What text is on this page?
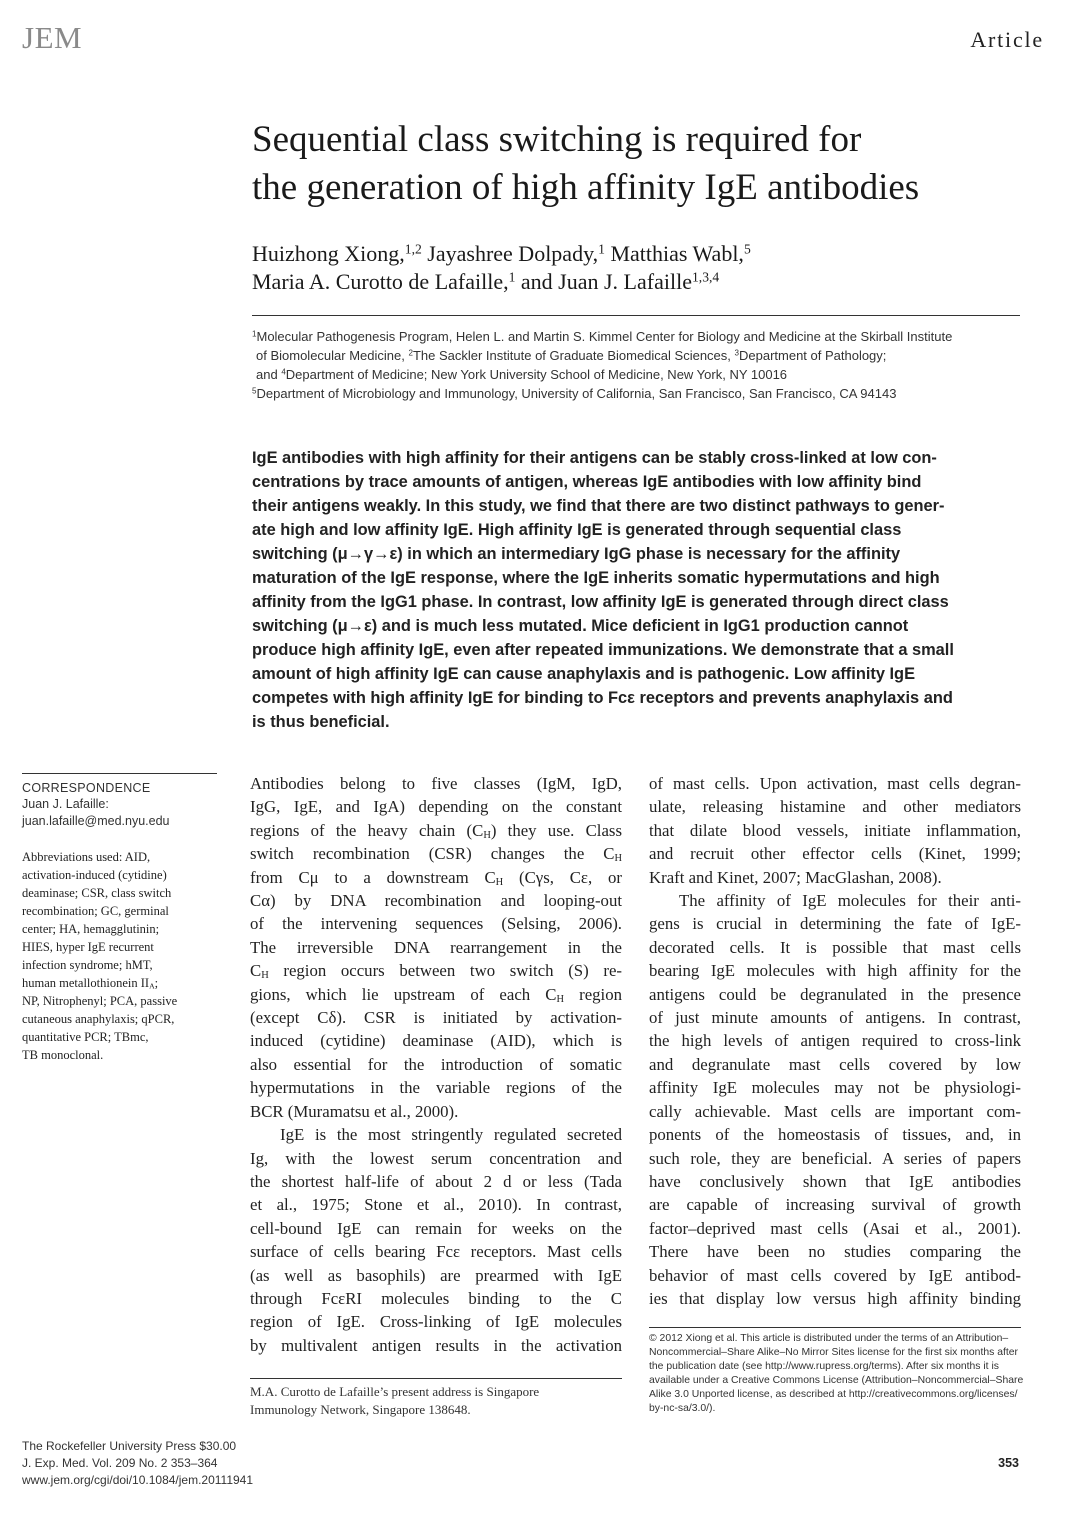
JEM	Article
Sequential class switching is required for
the generation of high affinity IgE antibodies
Huizhong Xiong,$^{1,2}$ Jayashree Dolpady,$^1$ Matthias Wabl,$^5$
Maria A. Curotto de Lafaille,$^1$ and Juan J. Lafaille$^{1,3,4}$
$^1$Molecular Pathogenesis Program, Helen L. and Martin S. Kimmel Center for Biology and Medicine at the Skirball Institute
of Biomolecular Medicine, $^2$The Sackler Institute of Graduate Biomedical Sciences, $^3$Department of Pathology;
and $^4$Department of Medicine; New York University School of Medicine, New York, NY 10016
$^5$Department of Microbiology and Immunology, University of California, San Francisco, San Francisco, CA 94143
IgE antibodies with high affinity for their antigens can be stably cross-linked at low con-
centrations by trace amounts of antigen, whereas IgE antibodies with low affinity bind
their antigens weakly. In this study, we find that there are two distinct pathways to gener-
ate high and low affinity IgE. High affinity IgE is generated through sequential class
switching (μ→γ→ε) in which an intermediary IgG phase is necessary for the affinity
maturation of the IgE response, where the IgE inherits somatic hypermutations and high
affinity from the IgG1 phase. In contrast, low affinity IgE is generated through direct class
switching (μ→ε) and is much less mutated. Mice deficient in IgG1 production cannot
produce high affinity IgE, even after repeated immunizations. We demonstrate that a small
amount of high affinity IgE can cause anaphylaxis and is pathogenic. Low affinity IgE
competes with high affinity IgE for binding to Fcε receptors and prevents anaphylaxis and
is thus beneficial.
CORRESPONDENCE
Juan J. Lafaille:
juan.lafaille@med.nyu.edu
Abbreviations used: AID,
activation-induced (cytidine)
deaminase; CSR, class switch
recombination; GC, germinal
center; HA, hemagglutinin;
HIES, hyper IgE recurrent
infection syndrome; hMT,
human metallothionein $II_A$;
NP, Nitrophenyl; PCA, passive
cutaneous anaphylaxis; qPCR,
quantitative PCR; TBmc,
TB monoclonal.
Antibodies belong to five classes (IgM, IgD,
IgG, IgE, and IgA) depending on the constant
regions of the heavy chain $(C_H)$ they use. Class
switch recombination (CSR) changes the $C_H$
from Cμ to a downstream $C_H$ (Cγs, Cε, or
Cα) by DNA recombination and looping-out
of the intervening sequences (Selsing, 2006).
The irreversible DNA rearrangement in the
$C_H$ region occurs between two switch (S) re-
gions, which lie upstream of each $C_H$ region
(except Cδ). CSR is initiated by activation-
induced (cytidine) deaminase (AID), which is
also essential for the introduction of somatic
hypermutations in the variable regions of the
BCR (Muramatsu et al., 2000).
IgE is the most stringently regulated secreted
Ig, with the lowest serum concentration and
the shortest half-life of about 2 d or less (Tada
et al., 1975; Stone et al., 2010). In contrast,
cell-bound IgE can remain for weeks on the
surface of cells bearing Fcε receptors. Mast cells
(as well as basophils) are prearmed with IgE
through FcεRI molecules binding to the C
region of IgE. Cross-linking of IgE molecules
by multivalent antigen results in the activation
of mast cells. Upon activation, mast cells degran-
ulate, releasing histamine and other mediators
that dilate blood vessels, initiate inflammation,
and recruit other effector cells (Kinet, 1999;
Kraft and Kinet, 2007; MacGlashan, 2008).
The affinity of IgE molecules for their anti-
gens is crucial in determining the fate of IgE-
decorated cells. It is possible that mast cells
bearing IgE molecules with high affinity for the
antigens could be degranulated in the presence
of just minute amounts of antigens. In contrast,
the high levels of antigen required to cross-link
and degranulate mast cells covered by low
affinity IgE molecules may not be physiologi-
cally achievable. Mast cells are important com-
ponents of the homeostasis of tissues, and, in
such role, they are beneficial. A series of papers
have conclusively shown that IgE antibodies
are capable of increasing survival of growth
factor–deprived mast cells (Asai et al., 2001).
There have been no studies comparing the
behavior of mast cells covered by IgE antibod-
ies that display low versus high affinity binding
© 2012 Xiong et al. This article is distributed under the terms of an Attribution–
Noncommercial–Share Alike–No Mirror Sites license for the first six months after
the publication date (see http://www.rupress.org/terms). After six months it is
available under a Creative Commons License (Attribution–Noncommercial–Share
Alike 3.0 Unported license, as described at http://creativecommons.org/licenses/
by-nc-sa/3.0/).
M.A. Curotto de Lafaille’s present address is Singapore
Immunology Network, Singapore 138648.
The Rockefeller University Press $30.00
J. Exp. Med. Vol. 209 No. 2 353–364
www.jem.org/cgi/doi/10.1084/jem.20111941
353
